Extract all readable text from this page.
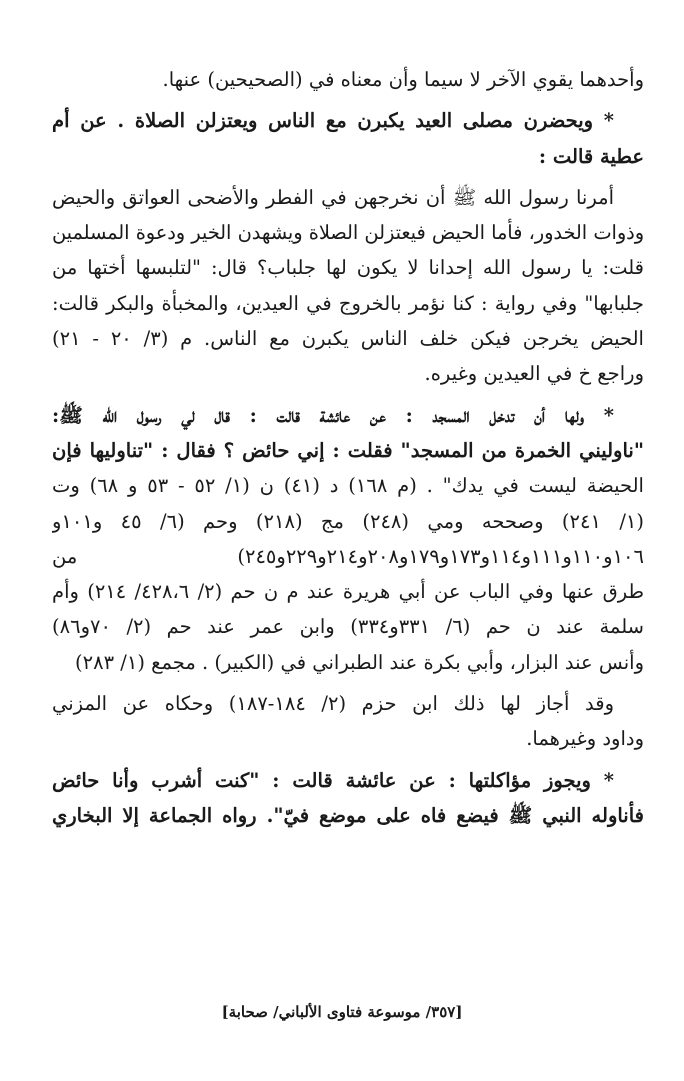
وأحدهما يقوي الآخر لا سيما وأن معناه في (الصحيحين) عنها.
* ويحضرن مصلى العيد يكبرن مع الناس ويعتزلن الصلاة . عن أم
عطية قالت :
أمرنا رسول الله ﷺ أن نخرجهن في الفطر والأضحى العواتق والحيض
وذوات الخدور، فأما الحيض فيعتزلن الصلاة ويشهدن الخير ودعوة المسلمين
قلت: يا رسول الله إحدانا لا يكون لها جلباب؟ قال: "لتلبسها أختها من
جلبابها" وفي رواية : كنا نؤمر بالخروج في العيدين، والمخبأة والبكر قالت:
الحيض يخرجن فيكن خلف الناس يكبرن مع الناس. م (٣/ ٢٠ - ٢١)
وراجع خ في العيدين وغيره.
* ولها أن تدخل المسجد : عن عائشة قالت : قال لي رسول الله ﷺ:
"ناوليني الخمرة من المسجد" فقلت : إني حائض ؟ فقال : "تناوليها فإن
الحيضة ليست في يدك" . (م ١٦٨) د (٤١) ن (١/ ٥٢ - ٥٣ و ٦٨) وت
(١/ ٢٤١) وصححه ومي (٢٤٨) مج (٢١٨) وحم (٦/ ٤٥ و١٠١و
١٠٦و١١٠و١١١و١١٤و١٧٣و١٧٩و٢٠٨و٢١٤و٢٢٩و٢٤٥) من
طرق عنها وفي الباب عن أبي هريرة عند م ن حم (٢/ ٤٢٨،٦/ ٢١٤) وأم
سلمة عند ن حم (٦/ ٣٣١و٣٣٤) وابن عمر عند حم (٢/ ٧٠و٨٦)
وأنس عند البزار، وأبي بكرة عند الطبراني في (الكبير) . مجمع (١/ ٢٨٣)
وقد أجاز لها ذلك ابن حزم (٢/ ١٨٤-١٨٧) وحكاه عن المزني
وداود وغيرهما.
* ويجوز مؤاكلتها : عن عائشة قالت : "كنت أشرب وأنا حائض
فأناوله النبي ﷺ فيضع فاه على موضع فيّ". رواه الجماعة إلا البخاري
[٣٥٧/ موسوعة فتاوى الألباني/ صحابة]
